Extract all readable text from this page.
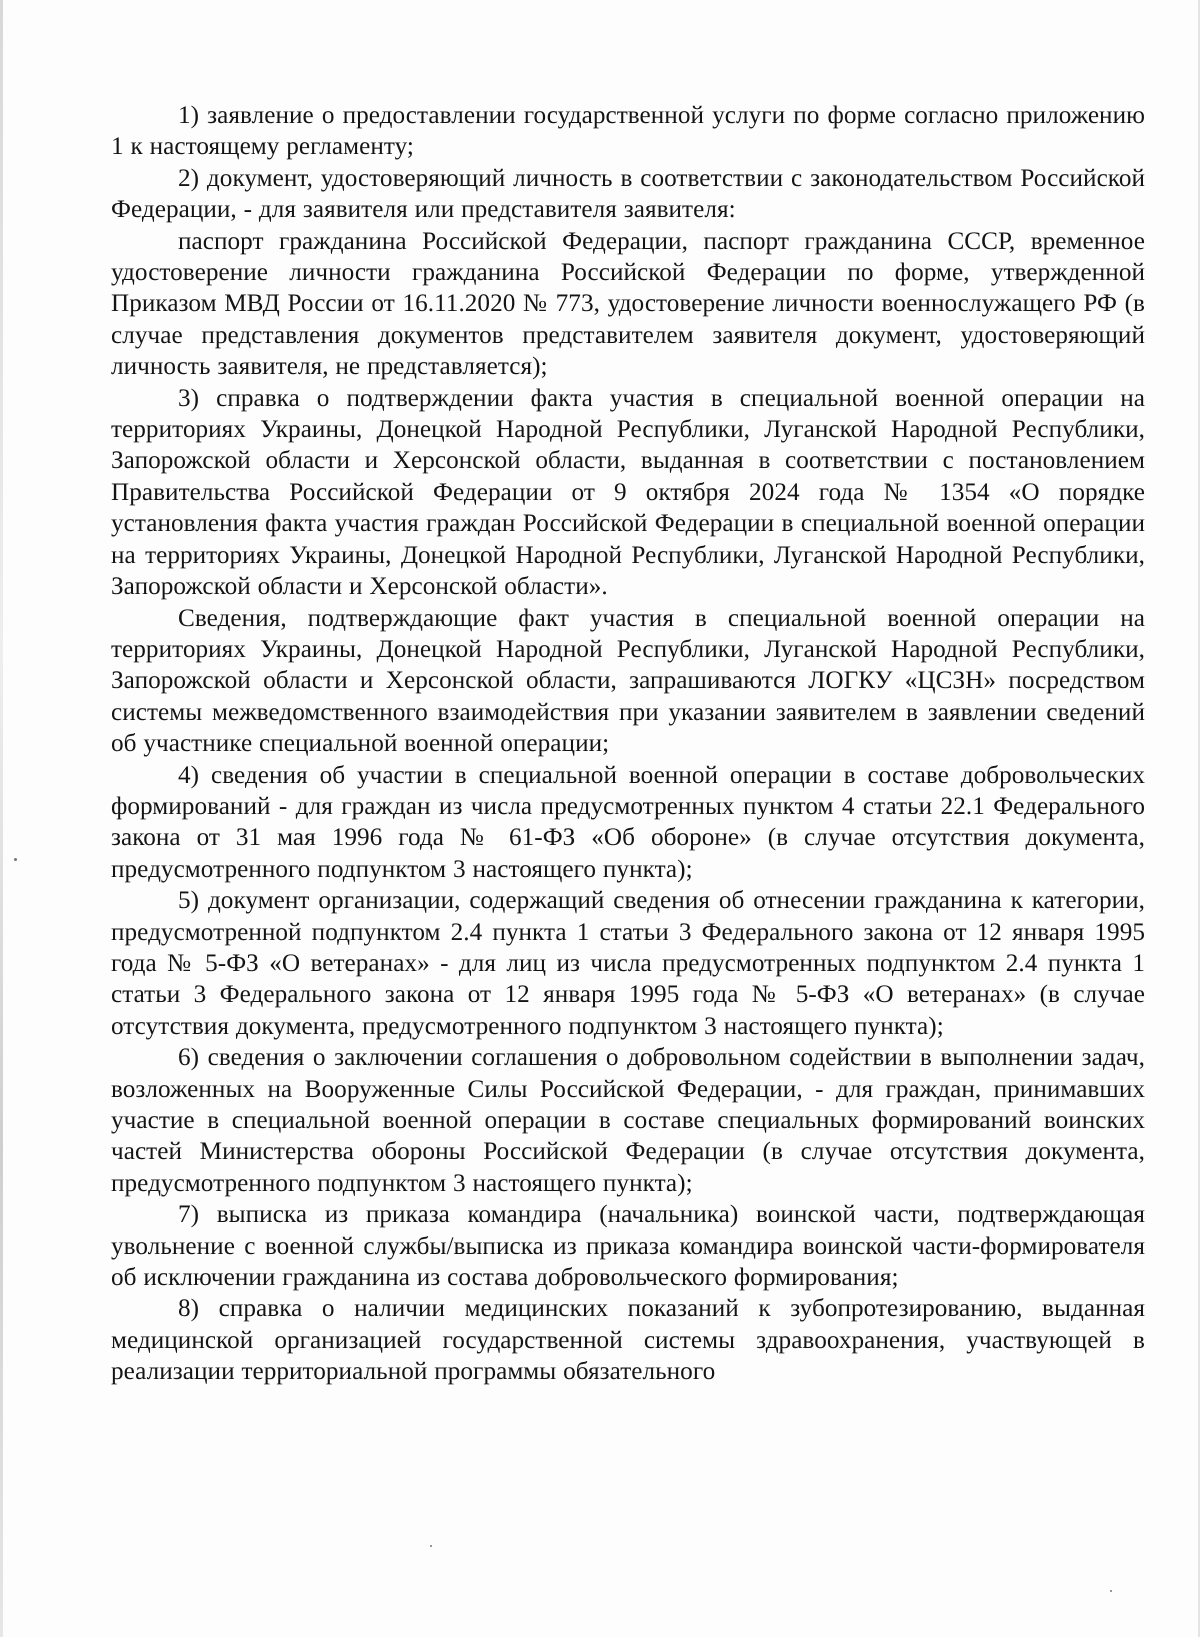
1) заявление о предоставлении государственной услуги по форме согласно приложению 1 к настоящему регламенту;

2) документ, удостоверяющий личность в соответствии с законодательством Российской Федерации, - для заявителя или представителя заявителя:

паспорт гражданина Российской Федерации, паспорт гражданина СССР, временное удостоверение личности гражданина Российской Федерации по форме, утвержденной Приказом МВД России от 16.11.2020 № 773, удостоверение личности военнослужащего РФ (в случае представления документов представителем заявителя документ, удостоверяющий личность заявителя, не представляется);

3) справка о подтверждении факта участия в специальной военной операции на территориях Украины, Донецкой Народной Республики, Луганской Народной Республики, Запорожской области и Херсонской области, выданная в соответствии с постановлением Правительства Российской Федерации от 9 октября 2024 года № 1354 «О порядке установления факта участия граждан Российской Федерации в специальной военной операции на территориях Украины, Донецкой Народной Республики, Луганской Народной Республики, Запорожской области и Херсонской области».

Сведения, подтверждающие факт участия в специальной военной операции на территориях Украины, Донецкой Народной Республики, Луганской Народной Республики, Запорожской области и Херсонской области, запрашиваются ЛОГКУ «ЦСЗН» посредством системы межведомственного взаимодействия при указании заявителем в заявлении сведений об участнике специальной военной операции;

4) сведения об участии в специальной военной операции в составе добровольческих формирований - для граждан из числа предусмотренных пунктом 4 статьи 22.1 Федерального закона от 31 мая 1996 года № 61-ФЗ «Об обороне» (в случае отсутствия документа, предусмотренного подпунктом 3 настоящего пункта);

5) документ организации, содержащий сведения об отнесении гражданина к категории, предусмотренной подпунктом 2.4 пункта 1 статьи 3 Федерального закона от 12 января 1995 года № 5-ФЗ «О ветеранах» - для лиц из числа предусмотренных подпунктом 2.4 пункта 1 статьи 3 Федерального закона от 12 января 1995 года № 5-ФЗ «О ветеранах» (в случае отсутствия документа, предусмотренного подпунктом 3 настоящего пункта);

6) сведения о заключении соглашения о добровольном содействии в выполнении задач, возложенных на Вооруженные Силы Российской Федерации, - для граждан, принимавших участие в специальной военной операции в составе специальных формирований воинских частей Министерства обороны Российской Федерации (в случае отсутствия документа, предусмотренного подпунктом 3 настоящего пункта);

7) выписка из приказа командира (начальника) воинской части, подтверждающая увольнение с военной службы/выписка из приказа командира воинской части-формирователя об исключении гражданина из состава добровольческого формирования;

8) справка о наличии медицинских показаний к зубопротезированию, выданная медицинской организацией государственной системы здравоохранения, участвующей в реализации территориальной программы обязательного
